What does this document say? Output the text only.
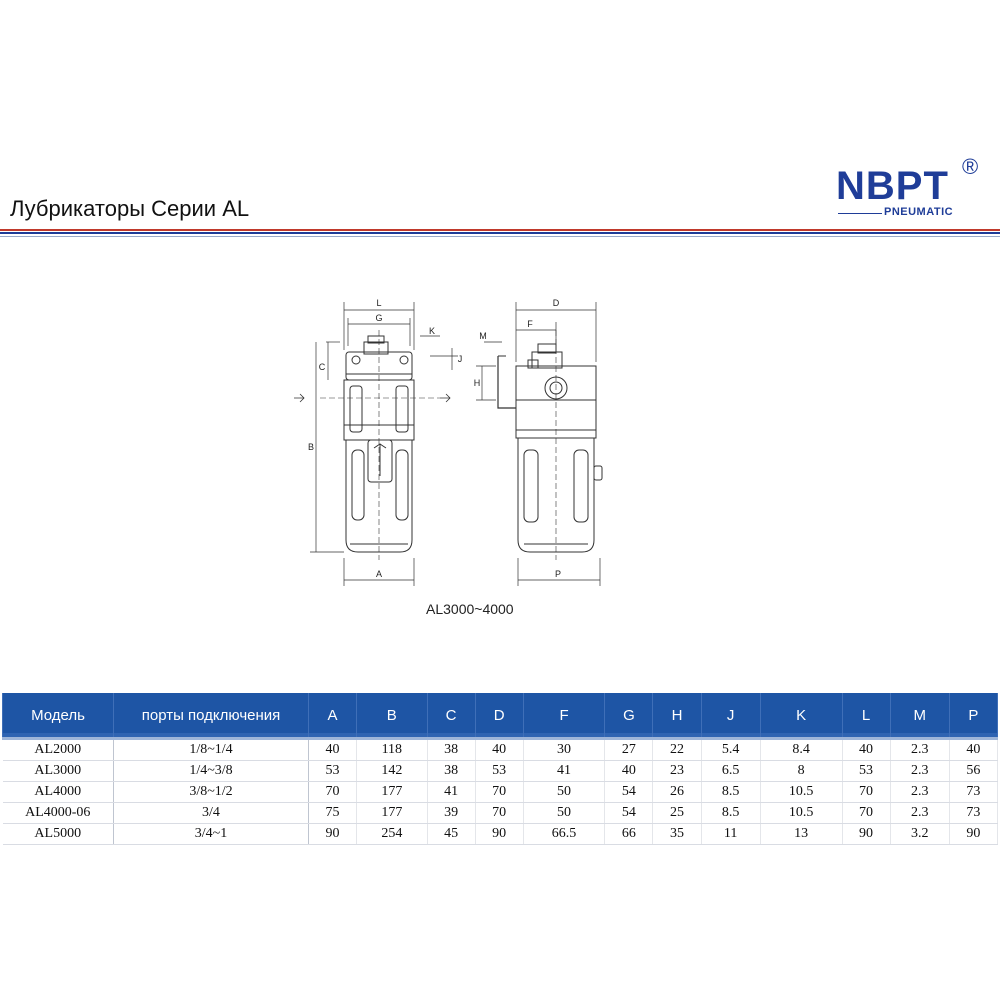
Лубрикаторы Серии AL
NBPT ®
PNEUMATIC
L
G
K
C
J
B
A
D
F
M
H
P
AL3000~4000
Модель	порты подключения	A	B	C	D	F	G	H	J	K	L	M	P
AL2000	1/8~1/4	40	118	38	40	30	27	22	5.4	8.4	40	2.3	40
AL3000	1/4~3/8	53	142	38	53	41	40	23	6.5	8	53	2.3	56
AL4000	3/8~1/2	70	177	41	70	50	54	26	8.5	10.5	70	2.3	73
AL4000-06	3/4	75	177	39	70	50	54	25	8.5	10.5	70	2.3	73
AL5000	3/4~1	90	254	45	90	66.5	66	35	11	13	90	3.2	90
